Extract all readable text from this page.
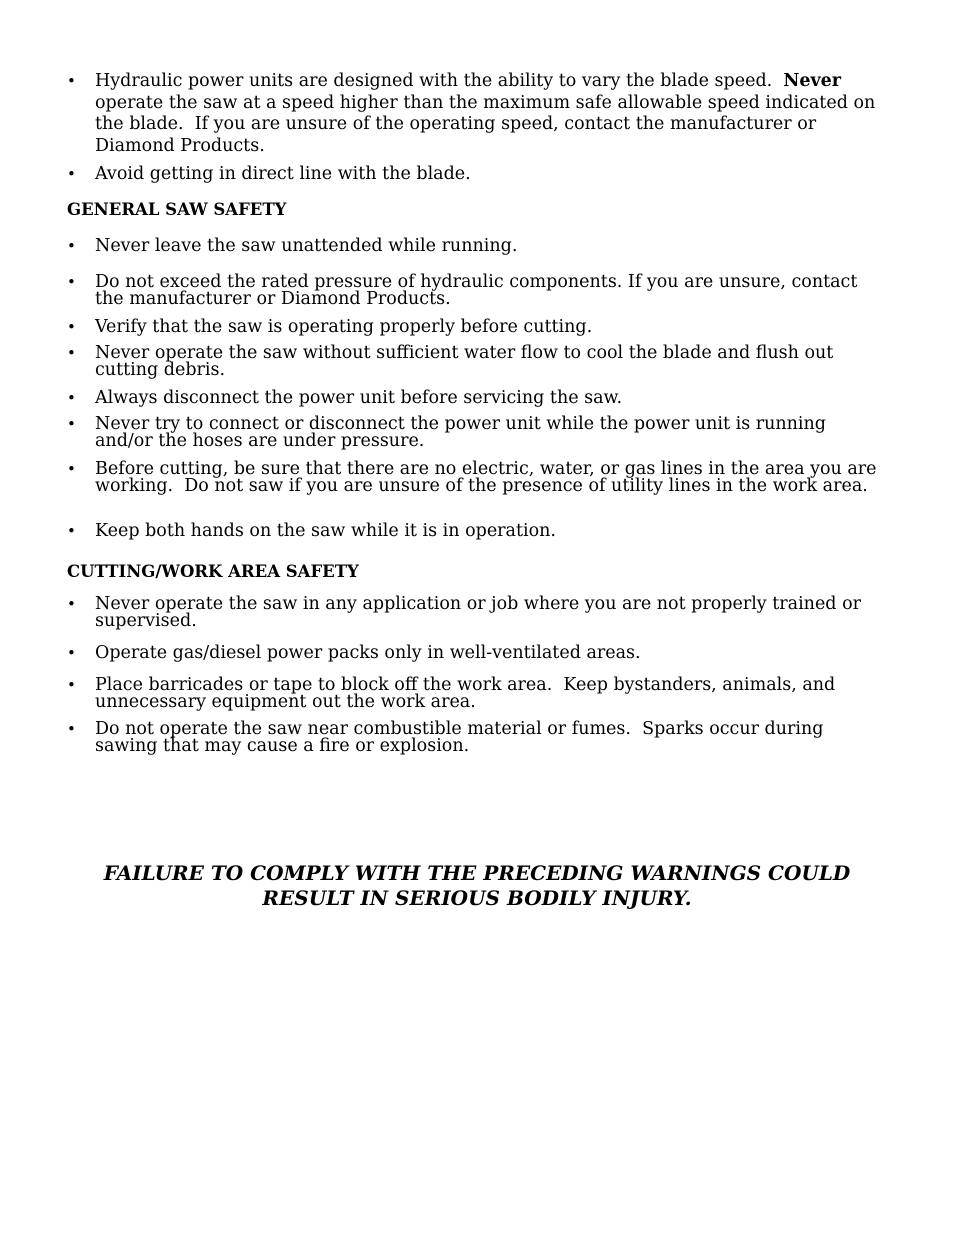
• Hydraulic power units are designed with the ability to vary the blade speed.  Never operate the saw at a speed higher than the maximum safe allowable speed indicated on the blade.  If you are unsure of the operating speed, contact the manufacturer or Diamond Products.
• Avoid getting in direct line with the blade.
GENERAL SAW SAFETY
• Never leave the saw unattended while running.
• Do not exceed the rated pressure of hydraulic components. If you are unsure, contact the manufacturer or Diamond Products.
• Verify that the saw is operating properly before cutting.
• Never operate the saw without sufficient water flow to cool the blade and flush out cutting debris.
• Always disconnect the power unit before servicing the saw.
• Never try to connect or disconnect the power unit while the power unit is running and/or the hoses are under pressure.
• Before cutting, be sure that there are no electric, water, or gas lines in the area you are working.  Do not saw if you are unsure of the presence of utility lines in the work area.
• Keep both hands on the saw while it is in operation.
CUTTING/WORK AREA SAFETY
• Never operate the saw in any application or job where you are not properly trained or supervised.
• Operate gas/diesel power packs only in well-ventilated areas.
• Place barricades or tape to block off the work area.  Keep bystanders, animals, and unnecessary equipment out the work area.
• Do not operate the saw near combustible material or fumes.  Sparks occur during sawing that may cause a fire or explosion.

FAILURE TO COMPLY WITH THE PRECEDING WARNINGS COULD
RESULT IN SERIOUS BODILY INJURY.
